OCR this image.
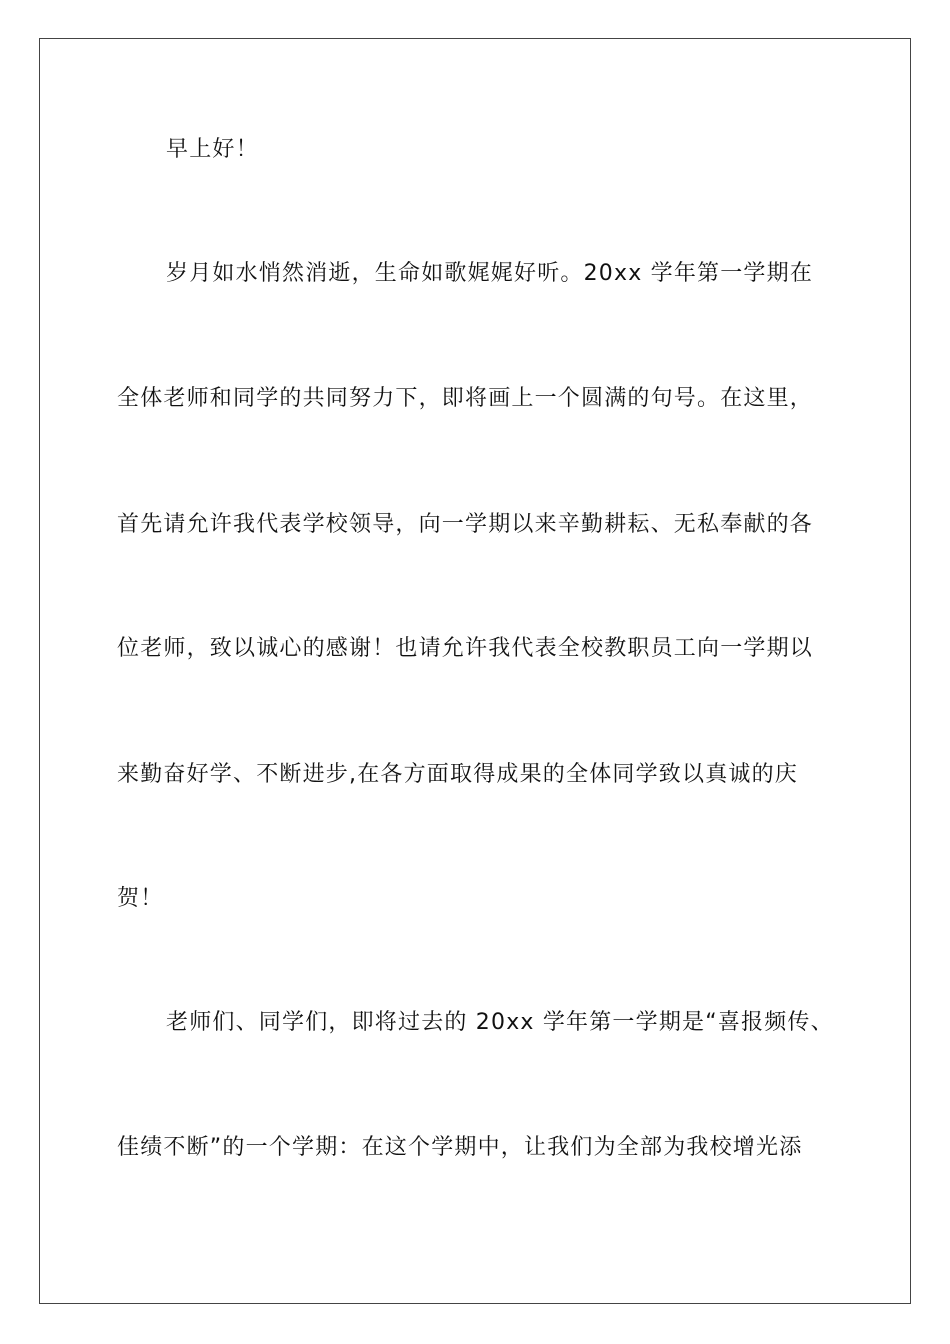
早上好！
岁月如水悄然消逝，生命如歌娓娓好听。20xx 学年第一学期在
全体老师和同学的共同努力下，即将画上一个圆满的句号。在这里，
首先请允许我代表学校领导，向一学期以来辛勤耕耘、无私奉献的各
位老师，致以诚心的感谢！也请允许我代表全校教职员工向一学期以
来勤奋好学、不断进步,在各方面取得成果的全体同学致以真诚的庆
贺！
老师们、同学们，即将过去的 20xx 学年第一学期是“喜报频传、
佳绩不断”的一个学期：在这个学期中，让我们为全部为我校增光添
